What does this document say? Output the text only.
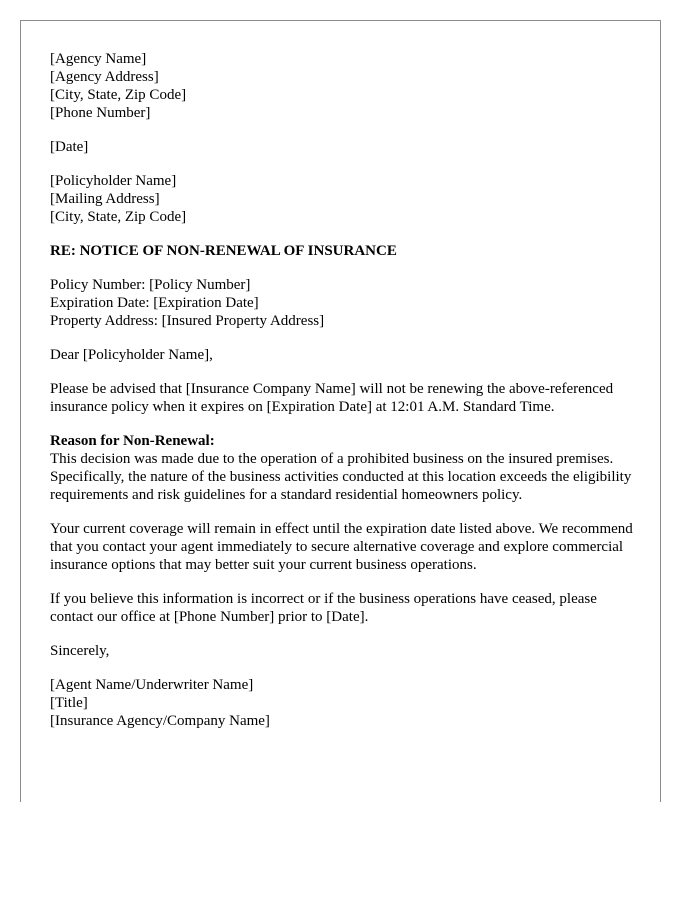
[Agency Name]
[Agency Address]
[City, State, Zip Code]
[Phone Number]
[Date]
[Policyholder Name]
[Mailing Address]
[City, State, Zip Code]
RE: NOTICE OF NON-RENEWAL OF INSURANCE
Policy Number: [Policy Number]
Expiration Date: [Expiration Date]
Property Address: [Insured Property Address]
Dear [Policyholder Name],

Please be advised that [Insurance Company Name] will not be renewing the above-referenced insurance policy when it expires on [Expiration Date] at 12:01 A.M. Standard Time.

Reason for Non-Renewal:
This decision was made due to the operation of a prohibited business on the insured premises. Specifically, the nature of the business activities conducted at this location exceeds the eligibility requirements and risk guidelines for a standard residential homeowners policy.

Your current coverage will remain in effect until the expiration date listed above. We recommend that you contact your agent immediately to secure alternative coverage and explore commercial insurance options that may better suit your current business operations.

If you believe this information is incorrect or if the business operations have ceased, please contact our office at [Phone Number] prior to [Date].

Sincerely,
[Agent Name/Underwriter Name]
[Title]
[Insurance Agency/Company Name]
